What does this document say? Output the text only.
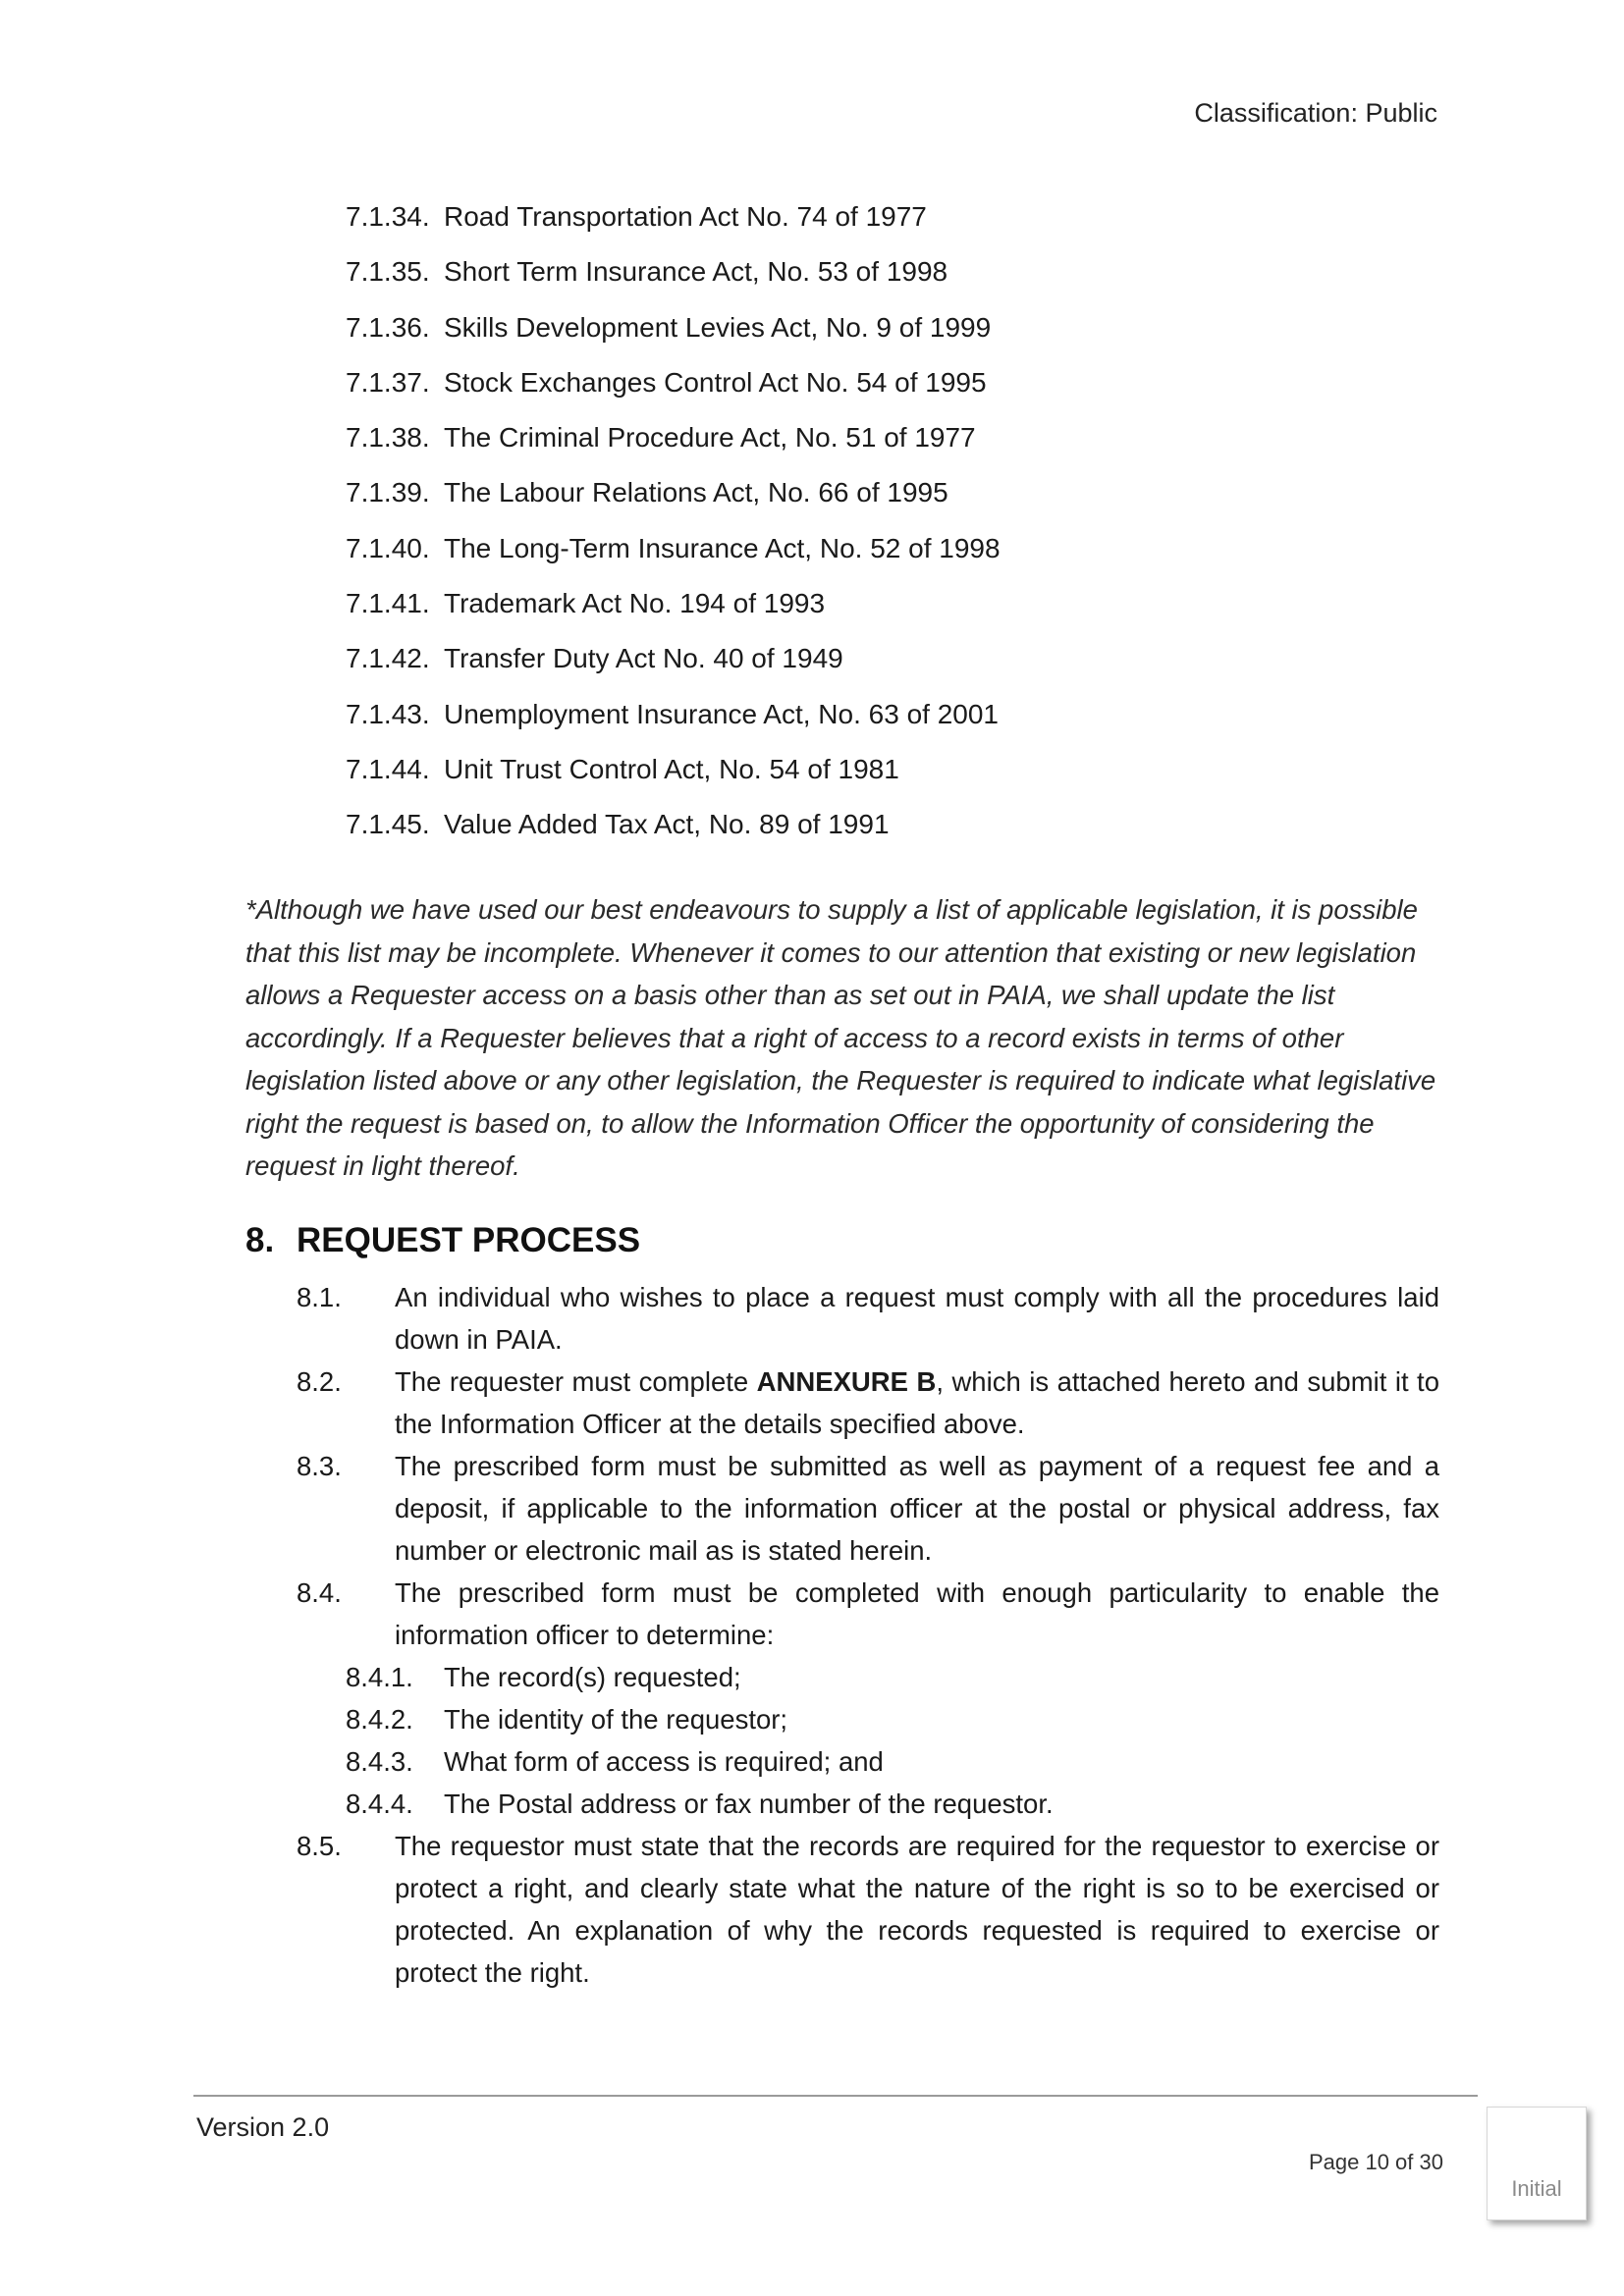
Classification: Public
7.1.34. Road Transportation Act No. 74 of 1977
7.1.35. Short Term Insurance Act, No. 53 of 1998
7.1.36. Skills Development Levies Act, No. 9 of 1999
7.1.37. Stock Exchanges Control Act No. 54 of 1995
7.1.38. The Criminal Procedure Act, No. 51 of 1977
7.1.39. The Labour Relations Act, No. 66 of 1995
7.1.40. The Long-Term Insurance Act, No. 52 of 1998
7.1.41. Trademark Act No. 194 of 1993
7.1.42. Transfer Duty Act No. 40 of 1949
7.1.43. Unemployment Insurance Act, No. 63 of 2001
7.1.44. Unit Trust Control Act, No. 54 of 1981
7.1.45. Value Added Tax Act, No. 89 of 1991

*Although we have used our best endeavours to supply a list of applicable legislation, it is possible that this list may be incomplete. Whenever it comes to our attention that existing or new legislation allows a Requester access on a basis other than as set out in PAIA, we shall update the list accordingly. If a Requester believes that a right of access to a record exists in terms of other legislation listed above or any other legislation, the Requester is required to indicate what legislative right the request is based on, to allow the Information Officer the opportunity of considering the request in light thereof.

8. REQUEST PROCESS
8.1.	An individual who wishes to place a request must comply with all the procedures laid down in PAIA.
8.2.	The requester must complete ANNEXURE B, which is attached hereto and submit it to the Information Officer at the details specified above.
8.3.	The prescribed form must be submitted as well as payment of a request fee and a deposit, if applicable to the information officer at the postal or physical address, fax number or electronic mail as is stated herein.
8.4.	The prescribed form must be completed with enough particularity to enable the information officer to determine:
8.4.1.	The record(s) requested;
8.4.2.	The identity of the requestor;
8.4.3.	What form of access is required; and
8.4.4.	The Postal address or fax number of the requestor.
8.5.	The requestor must state that the records are required for the requestor to exercise or protect a right, and clearly state what the nature of the right is so to be exercised or protected. An explanation of why the records requested is required to exercise or protect the right.
Version 2.0
Page 10 of 30
Initial
